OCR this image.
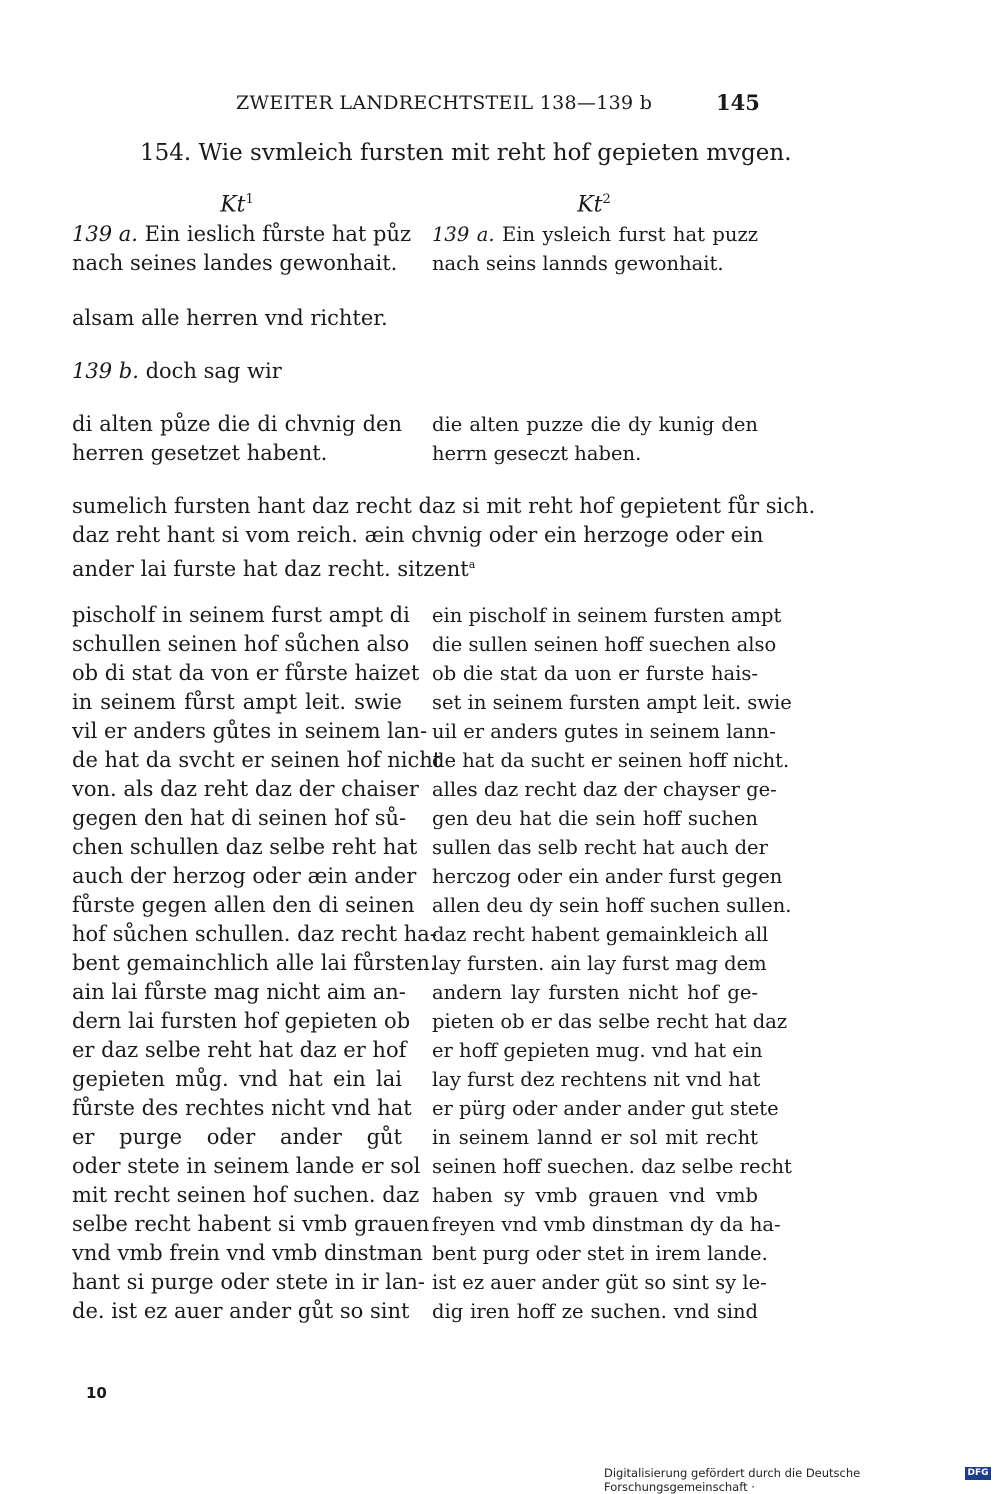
ZWEITER LANDRECHTSTEIL 138—139 b	145
154. Wie svmleich fursten mit reht hof gepieten mvgen.
Kt$^1$	Kt$^2$
139 a. Ein ieslich fůrste hat půz
nach seines landes gewonhait.
139 a. Ein ysleich furst hat puzz
nach seins lannds gewonhait.
alsam alle herren vnd richter.
139 b. doch sag wir
di alten půze die di chvnig den
herren gesetzet habent.
die alten puzze die dy kunig den
herrn geseczt haben.
sumelich fursten hant daz recht daz si mit reht hof gepietent fůr sich.
daz reht hant si vom reich. æin chvnig oder ein herzoge oder ein
ander lai furste hat daz recht. sitzent$^a$
pischolf in seinem furst ampt di
schullen seinen hof sůchen also
ob di stat da von er fůrste haizet
in seinem fůrst ampt leit. swie
vil er anders gůtes in seinem lan-
de hat da svcht er seinen hof nicht
von. als daz reht daz der chaiser
gegen den hat di seinen hof sů-
chen schullen daz selbe reht hat
auch der herzog oder æin ander
fůrste gegen allen den di seinen
hof sůchen schullen. daz recht ha-
bent gemainchlich alle lai fůrsten.
ain lai fůrste mag nicht aim an-
dern lai fursten hof gepieten ob
er daz selbe reht hat daz er hof
gepieten můg. vnd hat ein lai
fůrste des rechtes nicht vnd hat
er purge oder ander gůt
oder stete in seinem lande er sol
mit recht seinen hof suchen. daz
selbe recht habent si vmb grauen
vnd vmb frein vnd vmb dinstman
hant si purge oder stete in ir lan-
de. ist ez auer ander gůt so sint
ein pischolf in seinem fursten ampt
die sullen seinen hoff suechen also
ob die stat da uon er furste hais-
set in seinem fursten ampt leit. swie
uil er anders gutes in seinem lann-
de hat da sucht er seinen hoff nicht.
alles daz recht daz der chayser ge-
gen deu hat die sein hoff suchen
sullen das selb recht hat auch der
herczog oder ein ander furst gegen
allen deu dy sein hoff suchen sullen.
daz recht habent gemainkleich all
lay fursten. ain lay furst mag dem
andern lay fursten nicht hof ge-
pieten ob er das selbe recht hat daz
er hoff gepieten mug. vnd hat ein
lay furst dez rechtens nit vnd hat
er pürg oder ander ander gut stete
in seinem lannd er sol mit recht
seinen hoff suechen. daz selbe recht
haben sy vmb grauen vnd vmb
freyen vnd vmb dinstman dy da ha-
bent purg oder stet in irem lande.
ist ez auer ander güt so sint sy le-
dig iren hoff ze suchen. vnd sind
10
Digitalisierung gefördert durch die Deutsche Forschungsgemeinschaft ·
DFG
